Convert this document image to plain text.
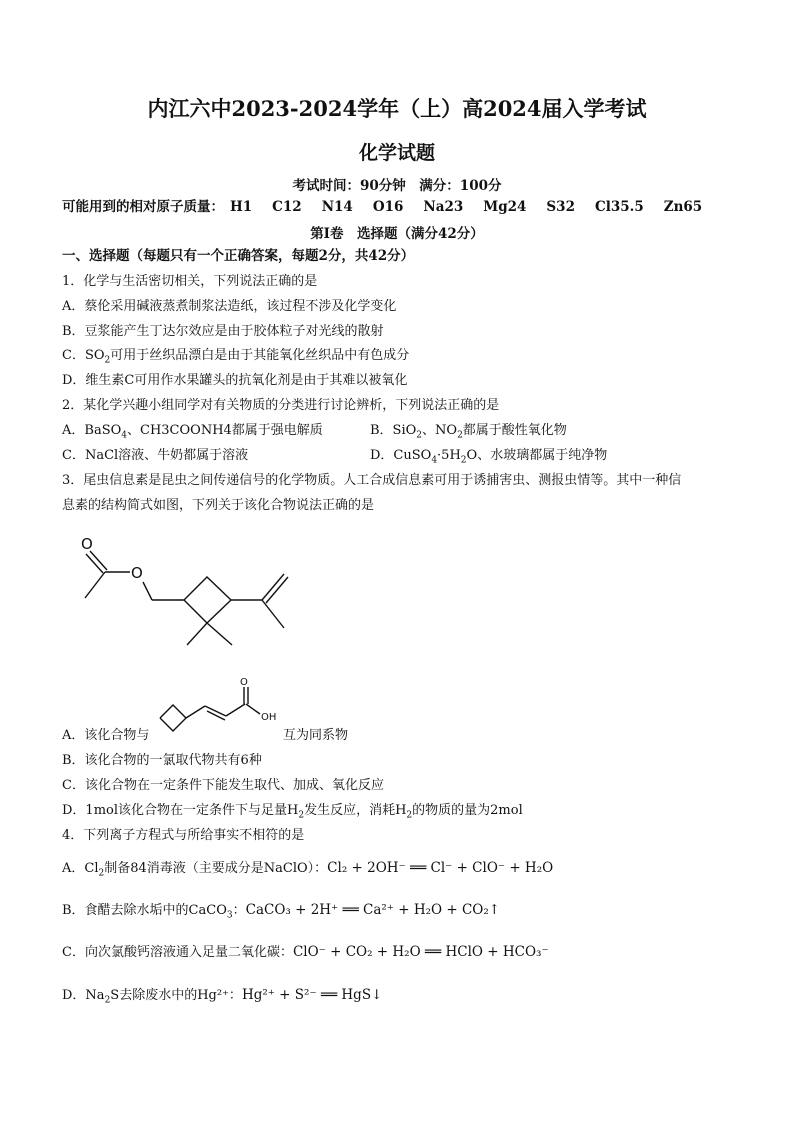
内江六中2023-2024学年（上）高2024届入学考试
化学试题
考试时间：90分钟　满分：100分
可能用到的相对原子质量： H1 C12 N14 O16 Na23 Mg24 S32 Cl35.5 Zn65
第Ⅰ卷　选择题（满分42分）
一、选择题（每题只有一个正确答案，每题2分，共42分）
1．化学与生活密切相关，下列说法正确的是
A．蔡伦采用碱液蒸煮制浆法造纸，该过程不涉及化学变化
B．豆浆能产生丁达尔效应是由于胶体粒子对光线的散射
C．$SO_2$可用于丝织品漂白是由于其能氧化丝织品中有色成分
D．维生素C可用作水果罐头的抗氧化剂是由于其难以被氧化
2．某化学兴趣小组同学对有关物质的分类进行讨论辨析，下列说法正确的是
A．BaSO$_4$、CH3COONH4都属于强电解质	B．SiO$_2$、$NO_2$都属于酸性氧化物
C．NaCl溶液、牛奶都属于溶液	D．$CuSO_4\cdot 5H_2O$、水玻璃都属于纯净物
3．尾虫信息素是昆虫之间传递信号的化学物质。人工合成信息素可用于诱捕害虫、测报虫情等。其中一种信
息素的结构简式如图，下列关于该化合物说法正确的是
O
O
A．该化合物与
O
OH
互为同系物
B．该化合物的一氯取代物共有6种
C．该化合物在一定条件下能发生取代、加成、氧化反应
D．1mol该化合物在一定条件下与足量$H_2$发生反应，消耗$H_2$的物质的量为2mol
4．下列离子方程式与所给事实不相符的是
A．$Cl_2$制备84消毒液（主要成分是NaClO）：Cl₂ + 2OH⁻ ══ Cl⁻ + ClO⁻ + H₂O
B．食醋去除水垢中的CaCO$_3$：CaCO₃ + 2H⁺ ══ Ca²⁺ + H₂O + CO₂↑
C．向次氯酸钙溶液通入足量二氧化碳：ClO⁻ + CO₂ + H₂O ══ HClO + HCO₃⁻
D．$Na_2S$去除废水中的Hg²⁺：Hg²⁺ + S²⁻ ══ HgS↓
